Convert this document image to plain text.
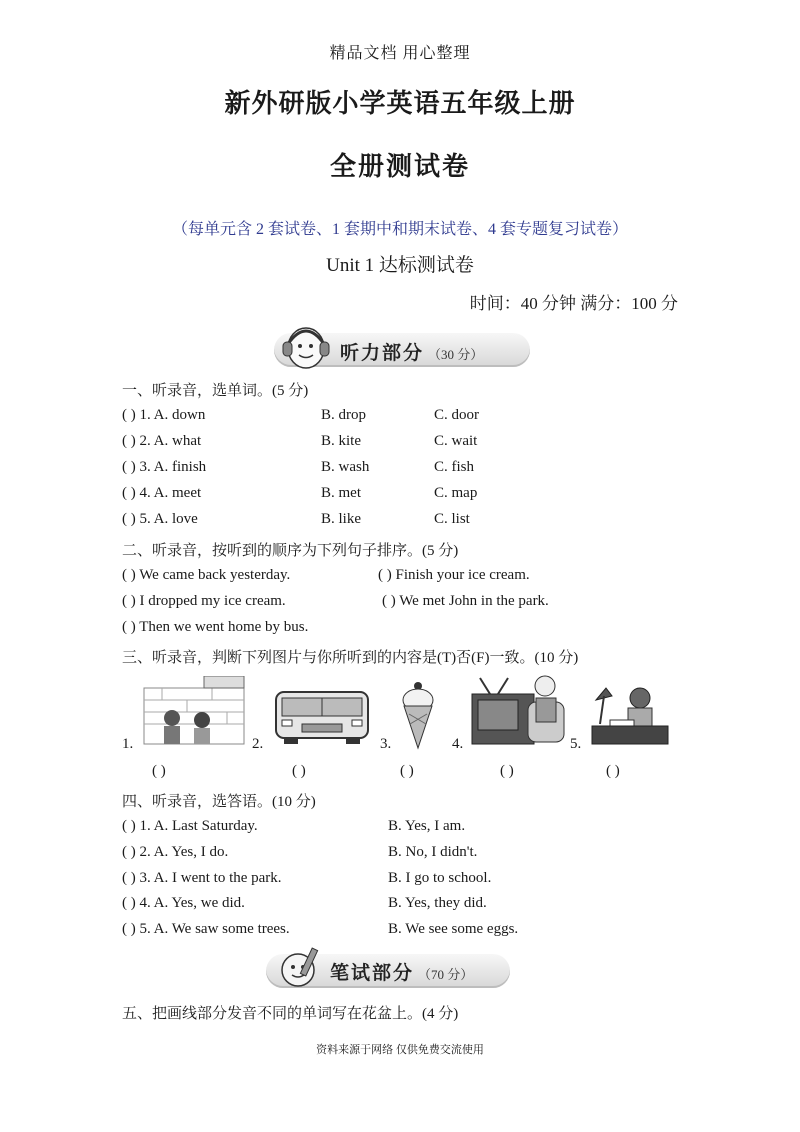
精品文档 用心整理
新外研版小学英语五年级上册
全册测试卷
（每单元含 2 套试卷、1 套期中和期末试卷、4 套专题复习试卷）
Unit 1 达标测试卷
时间：40 分钟 满分：100 分
听力部分 （30 分）
一、听录音，选单词。(5 分)
( ) 1. A. down	B. drop	C. door
( ) 2. A. what	B. kite	C. wait
( ) 3. A. finish	B. wash	C. fish
( ) 4. A. meet	B. met	C. map
( ) 5. A. love	B. like	C. list
二、听录音，按听到的顺序为下列句子排序。(5 分)
( ) We came back yesterday.	( ) Finish your ice cream.
( ) I dropped my ice cream.	( ) We met John in the park.
( ) Then we went home by bus.
三、听录音，判断下列图片与你所听到的内容是(T)否(F)一致。(10 分)
1.	2.	3.	4.	5.
( )	( )	( )	( )	( )
四、听录音，选答语。(10 分)
( ) 1. A. Last Saturday.	B. Yes, I am.
( ) 2. A. Yes, I do.	B. No, I didn't.
( ) 3. A. I went to the park.	B. I go to school.
( ) 4. A. Yes, we did.	B. Yes, they did.
( ) 5. A. We saw some trees.	B. We see some eggs.
笔试部分 （70 分）
五、把画线部分发音不同的单词写在花盆上。(4 分)
资料来源于网络 仅供免费交流使用
